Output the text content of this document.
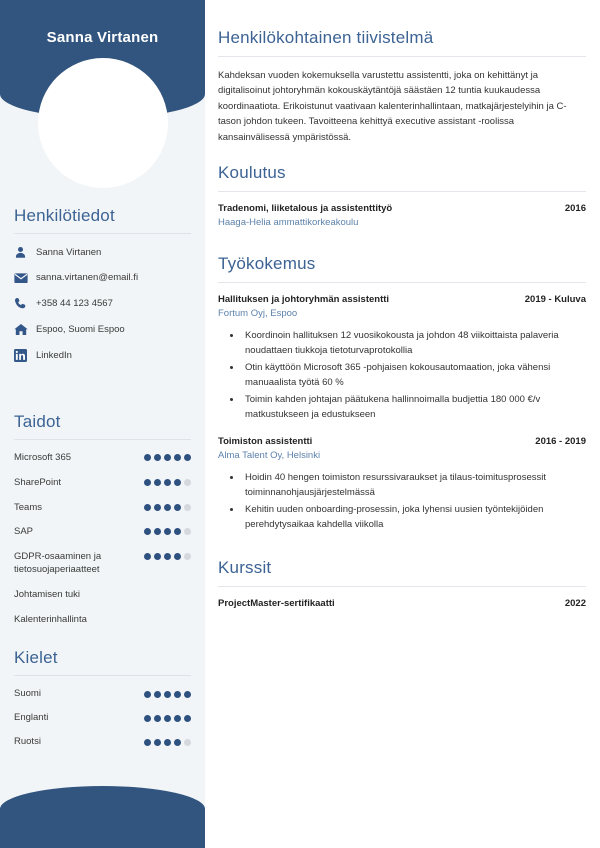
Sanna Virtanen
Henkilötiedot
Sanna Virtanen
sanna.virtanen@email.fi
+358 44 123 4567
Espoo, Suomi Espoo
LinkedIn
Taidot
Microsoft 365
SharePoint
Teams
SAP
GDPR-osaaminen ja tietosuojaperiaatteet
Johtamisen tuki
Kalenterinhallinta
Kielet
Suomi
Englanti
Ruotsi
Henkilökohtainen tiivistelmä

Kahdeksan vuoden kokemuksella varustettu assistentti, joka on kehittänyt ja digitalisoinut johtoryhmän kokouskäytäntöjä säästäen 12 tuntia kuukaudessa koordinaatiota. Erikoistunut vaativaan kalenterinhallintaan, matkajärjestelyihin ja C-tason johdon tukeen. Tavoitteena kehittyä executive assistant -roolissa kansainvälisessä ympäristössä.

Koulutus
Tradenomi, liiketalous ja assistenttityö	2016
Haaga-Helia ammattikorkeakoulu
Työkokemus
Hallituksen ja johtoryhmän assistentti	2019 - Kuluva
Fortum Oyj, Espoo
• Koordinoin hallituksen 12 vuosikokousta ja johdon 48 viikoittaista palaveria noudattaen tiukkoja tietoturvaprotokollia
• Otin käyttöön Microsoft 365 -pohjaisen kokousautomaation, joka vähensi manuaalista työtä 60 %
• Toimin kahden johtajan päätukena hallinnoimalla budjettia 180 000 €/v matkustukseen ja edustukseen
Toimiston assistentti	2016 - 2019
Alma Talent Oy, Helsinki
• Hoidin 40 hengen toimiston resurssivaraukset ja tilaus-toimitusprosessit toiminnanohjausjärjestelmässä
• Kehitin uuden onboarding-prosessin, joka lyhensi uusien työntekijöiden perehdytysaikaa kahdella viikolla
Kurssit
ProjectMaster-sertifikaatti	2022
